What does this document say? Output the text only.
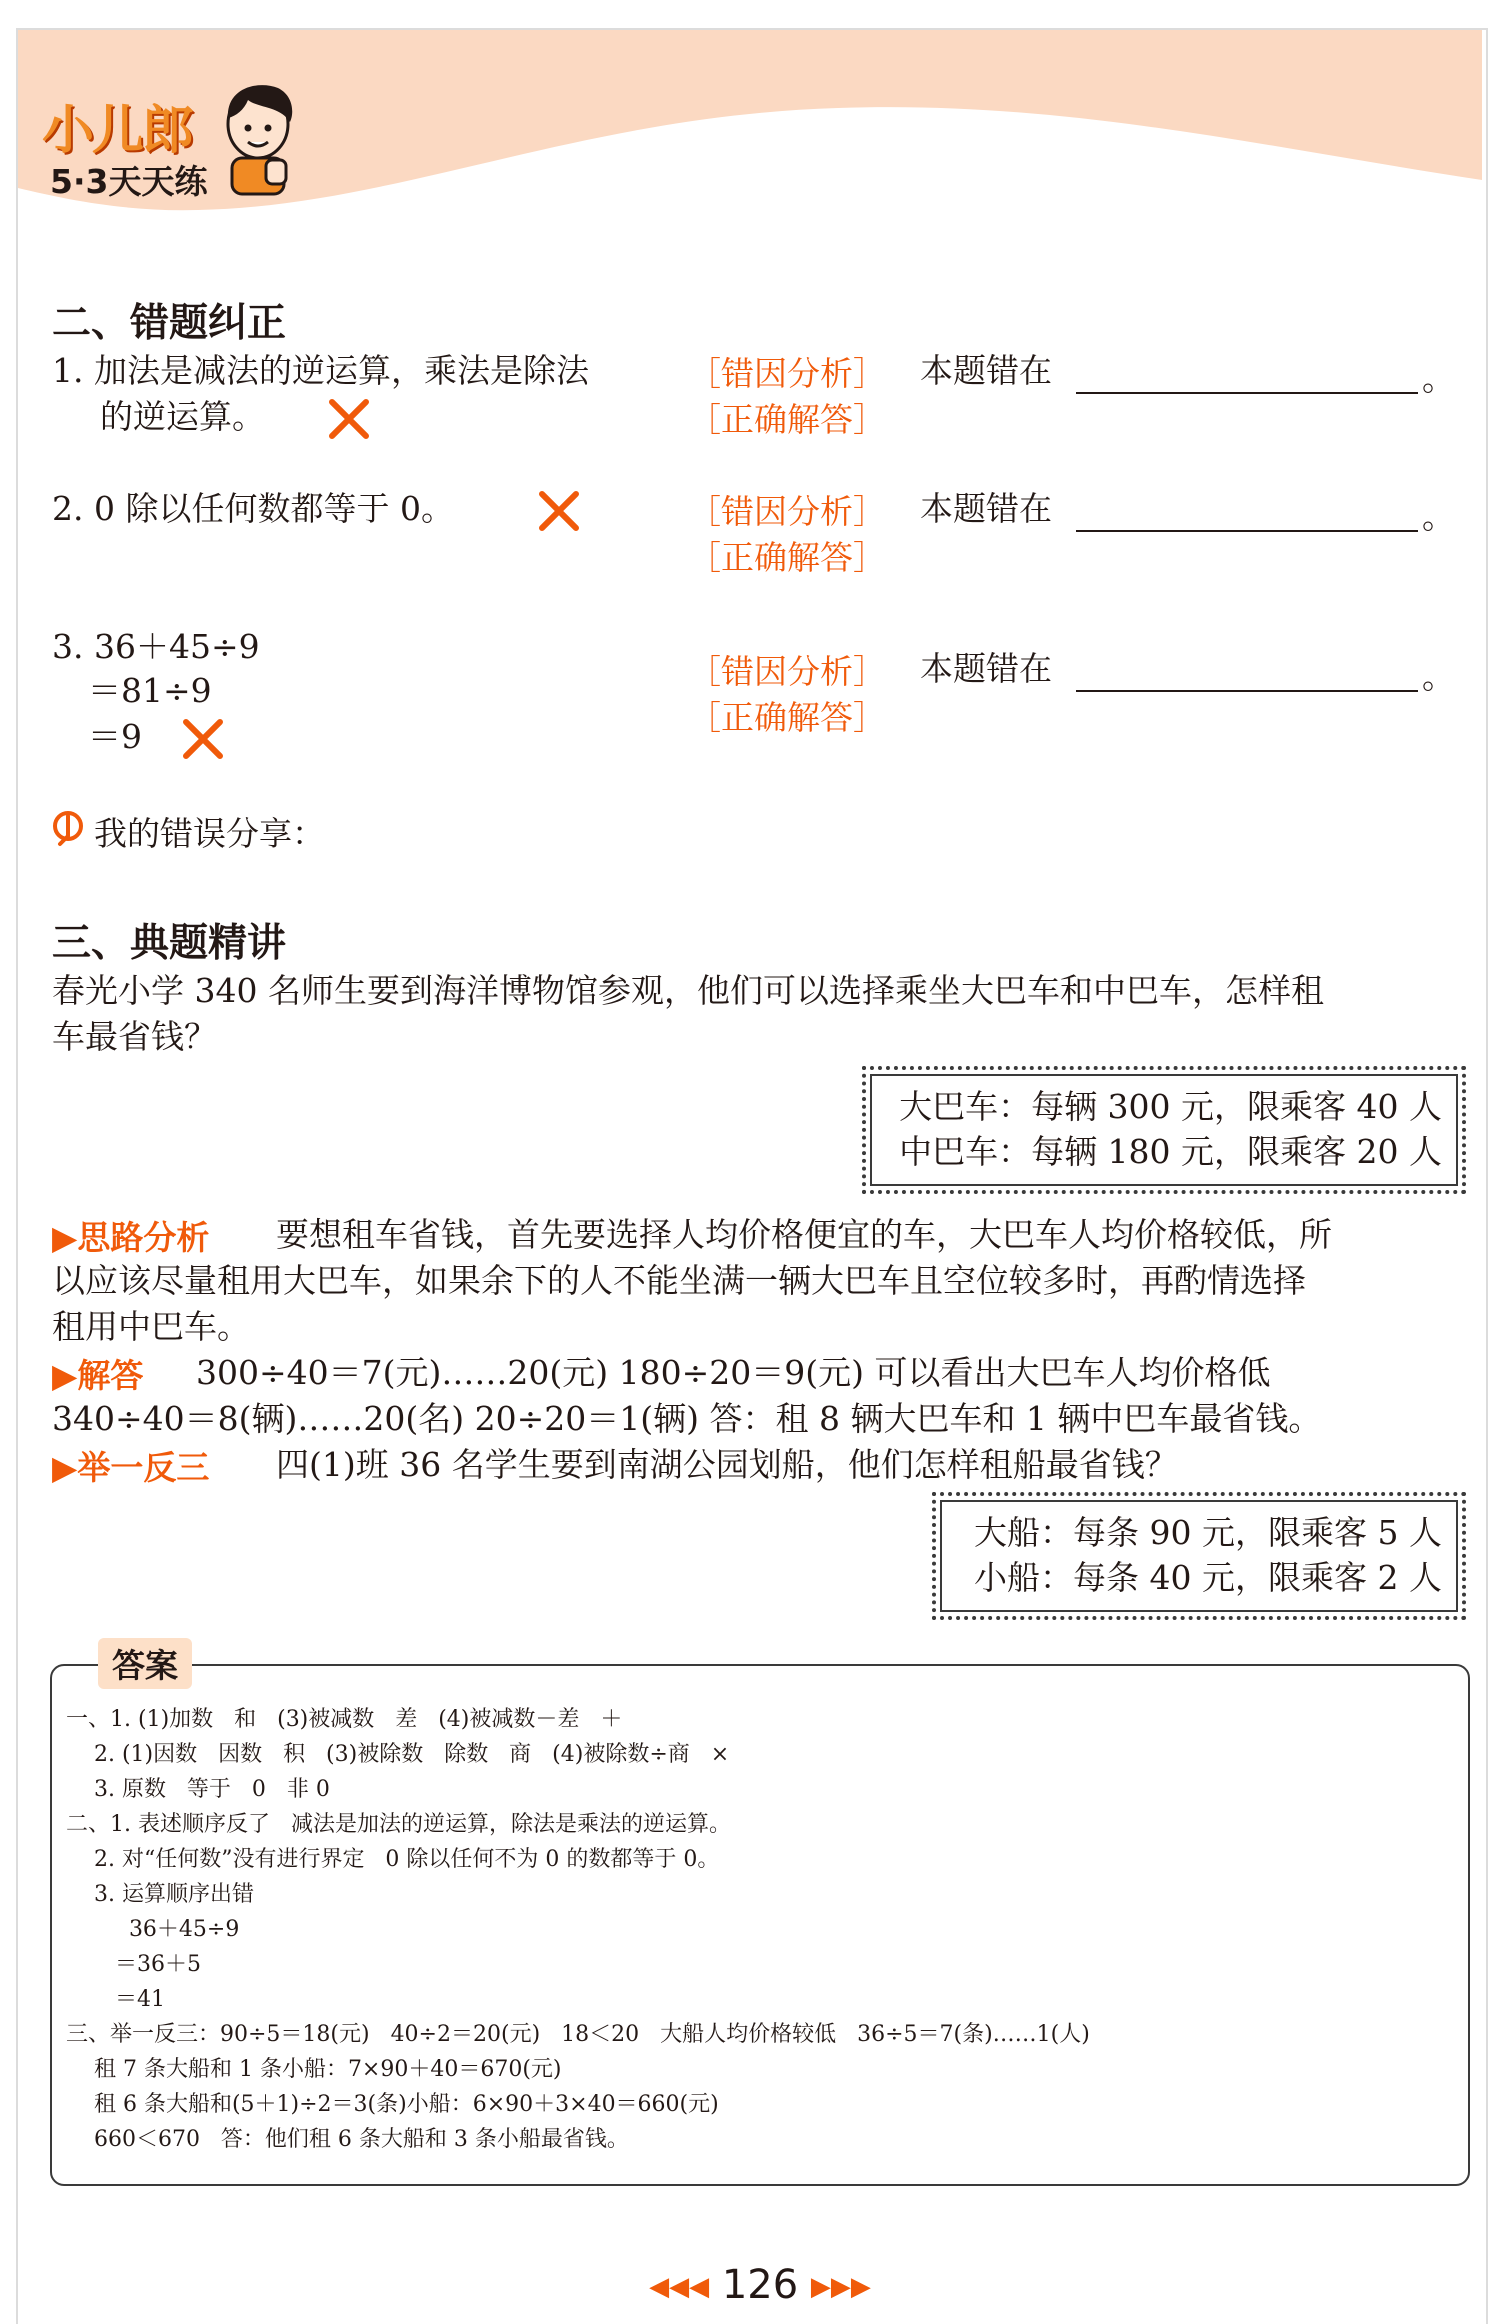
小儿郎
5·3天天练
二、错题纠正
1. 加法是减法的逆运算，乘法是除法
的逆运算。
［错因分析］ 本题错在	。
［正确解答］
2. 0 除以任何数都等于 0。	［错因分析］ 本题错在	。
［正确解答］
3. 36＋45÷9
＝81÷9
＝9
［错因分析］ 本题错在	。
［正确解答］
我的错误分享：
三、典题精讲
春光小学 340 名师生要到海洋博物馆参观，他们可以选择乘坐大巴车和中巴车，怎样租
车最省钱？
大巴车：每辆 300 元，限乘客 40 人
中巴车：每辆 180 元，限乘客 20 人
▶思路分析 要想租车省钱，首先要选择人均价格便宜的车，大巴车人均价格较低，所
以应该尽量租用大巴车，如果余下的人不能坐满一辆大巴车且空位较多时，再酌情选择
租用中巴车。
▶解答 300÷40＝7(元)……20(元) 180÷20＝9(元) 可以看出大巴车人均价格低
340÷40＝8(辆)……20(名) 20÷20＝1(辆) 答：租 8 辆大巴车和 1 辆中巴车最省钱。
▶举一反三 四(1)班 36 名学生要到南湖公园划船，他们怎样租船最省钱？
大船：每条 90 元，限乘客 5 人
小船：每条 40 元，限乘客 2 人
答案
一、1. (1)加数   和   (3)被减数   差   (4)被减数－差   ＋
2. (1)因数   因数   积   (3)被除数   除数   商   (4)被除数÷商   ×
3. 原数   等于   0   非 0
二、1. 表述顺序反了   减法是加法的逆运算，除法是乘法的逆运算。
2. 对“任何数”没有进行界定   0 除以任何不为 0 的数都等于 0。
3. 运算顺序出错
36＋45÷9
＝36＋5
＝41
三、举一反三：90÷5＝18(元)   40÷2＝20(元)   18＜20   大船人均价格较低   36÷5＝7(条)……1(人)
租 7 条大船和 1 条小船：7×90＋40＝670(元)
租 6 条大船和(5＋1)÷2＝3(条)小船：6×90＋3×40＝660(元)
660＜670   答：他们租 6 条大船和 3 条小船最省钱。
◀◀◀ 126 ▶▶▶
